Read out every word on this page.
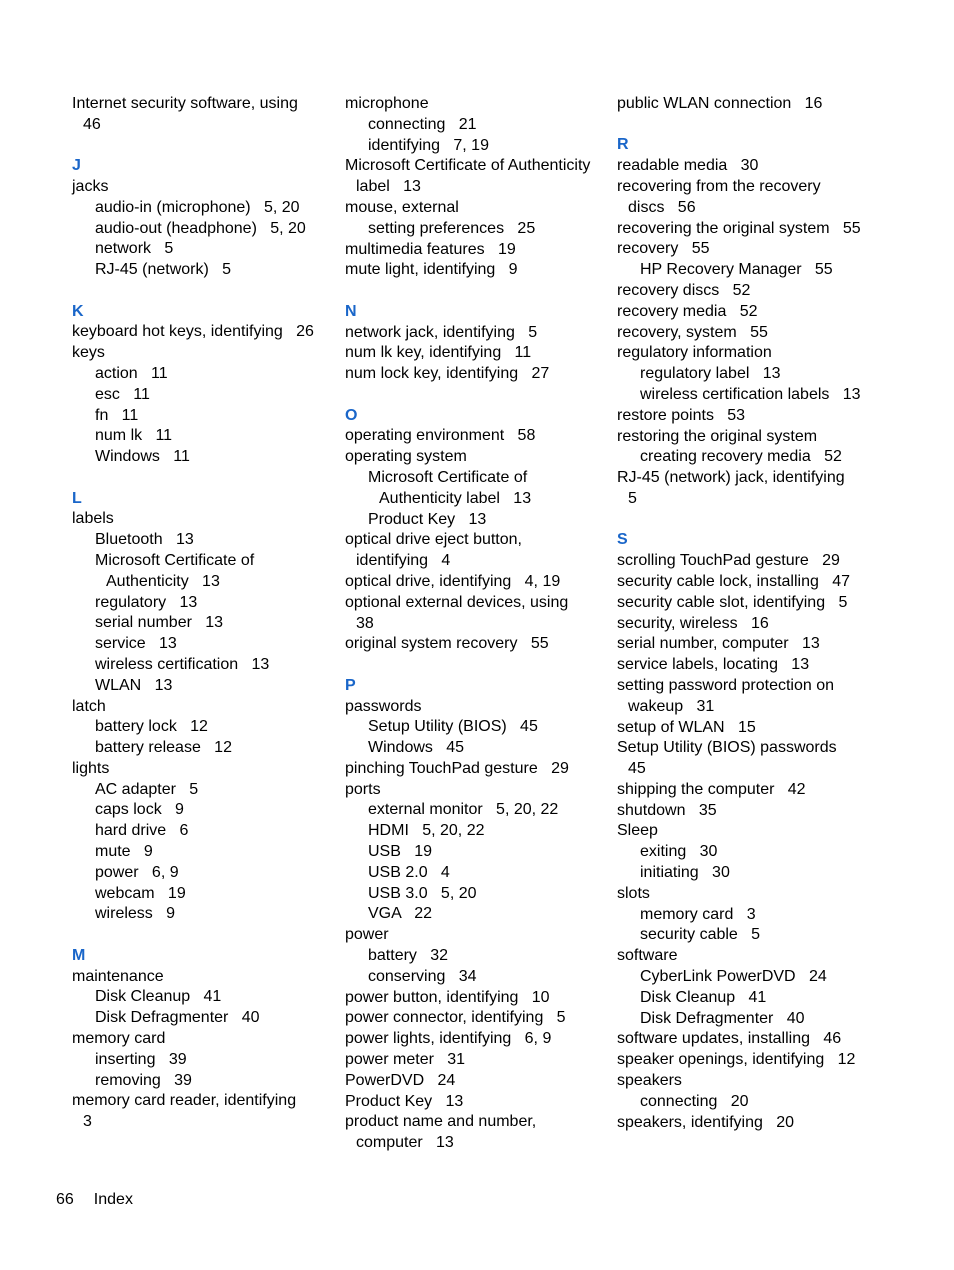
Internet security software, using
46
J
jacks
audio-in (microphone)   5, 20
audio-out (headphone)   5, 20
network   5
RJ-45 (network)   5
K
keyboard hot keys, identifying   26
keys
action   11
esc   11
fn   11
num lk   11
Windows   11
L
labels
Bluetooth   13
Microsoft Certificate of
Authenticity   13
regulatory   13
serial number   13
service   13
wireless certification   13
WLAN   13
latch
battery lock   12
battery release   12
lights
AC adapter   5
caps lock   9
hard drive   6
mute   9
power   6, 9
webcam   19
wireless   9
M
maintenance
Disk Cleanup   41
Disk Defragmenter   40
memory card
inserting   39
removing   39
memory card reader, identifying
3
microphone
connecting   21
identifying   7, 19
Microsoft Certificate of Authenticity
label   13
mouse, external
setting preferences   25
multimedia features   19
mute light, identifying   9
N
network jack, identifying   5
num lk key, identifying   11
num lock key, identifying   27
O
operating environment   58
operating system
Microsoft Certificate of
Authenticity label   13
Product Key   13
optical drive eject button,
identifying   4
optical drive, identifying   4, 19
optional external devices, using
38
original system recovery   55
P
passwords
Setup Utility (BIOS)   45
Windows   45
pinching TouchPad gesture   29
ports
external monitor   5, 20, 22
HDMI   5, 20, 22
USB   19
USB 2.0   4
USB 3.0   5, 20
VGA   22
power
battery   32
conserving   34
power button, identifying   10
power connector, identifying   5
power lights, identifying   6, 9
power meter   31
PowerDVD   24
Product Key   13
product name and number,
computer   13
public WLAN connection   16
R
readable media   30
recovering from the recovery
discs   56
recovering the original system   55
recovery   55
HP Recovery Manager   55
recovery discs   52
recovery media   52
recovery, system   55
regulatory information
regulatory label   13
wireless certification labels   13
restore points   53
restoring the original system
creating recovery media   52
RJ-45 (network) jack, identifying
5
S
scrolling TouchPad gesture   29
security cable lock, installing   47
security cable slot, identifying   5
security, wireless   16
serial number, computer   13
service labels, locating   13
setting password protection on
wakeup   31
setup of WLAN   15
Setup Utility (BIOS) passwords
45
shipping the computer   42
shutdown   35
Sleep
exiting   30
initiating   30
slots
memory card   3
security cable   5
software
CyberLink PowerDVD   24
Disk Cleanup   41
Disk Defragmenter   40
software updates, installing   46
speaker openings, identifying   12
speakers
connecting   20
speakers, identifying   20
66 Index
